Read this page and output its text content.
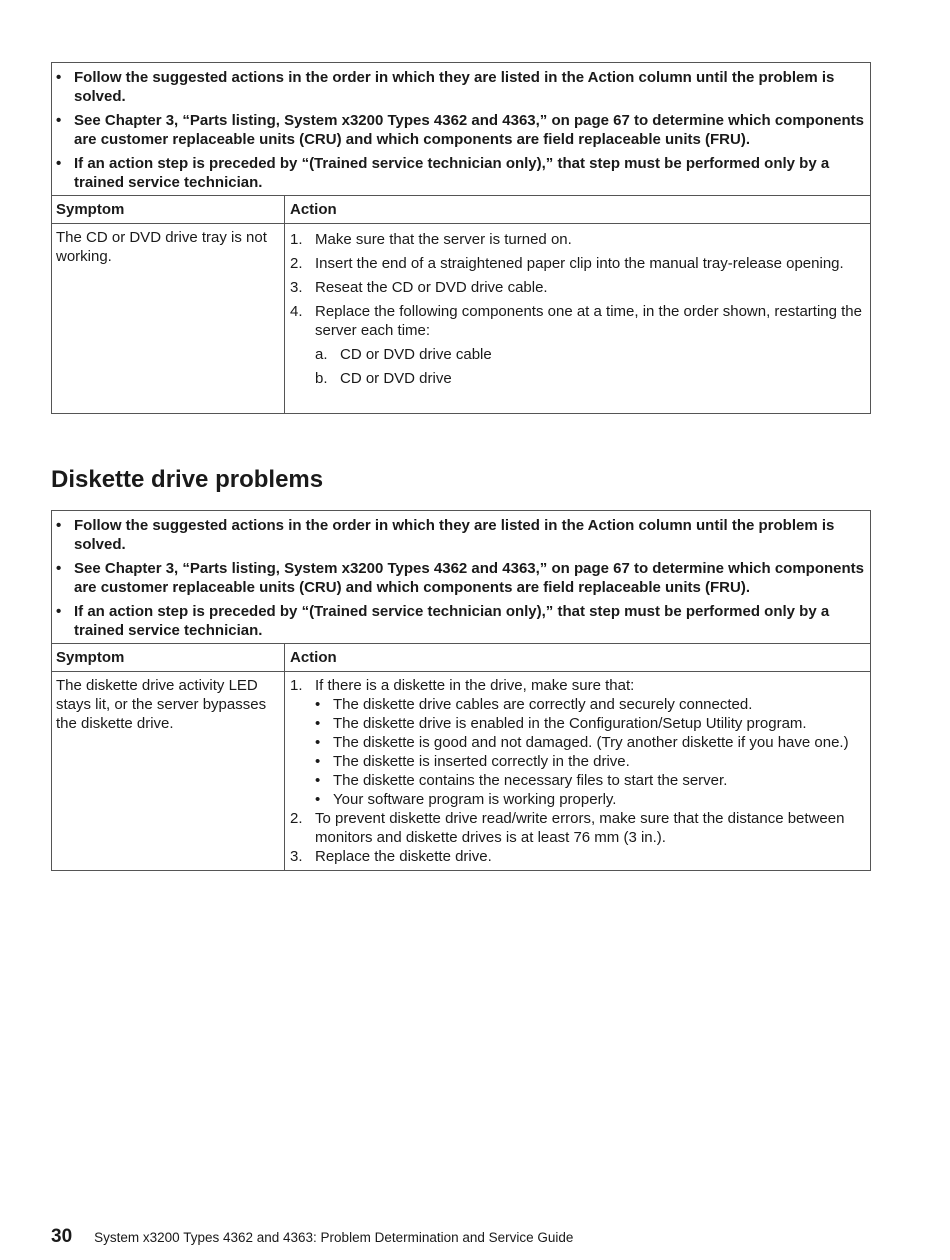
• Follow the suggested actions in the order in which they are listed in the Action column until the problem is solved.
• See Chapter 3, “Parts listing, System x3200 Types 4362 and 4363,” on page 67 to determine which components are customer replaceable units (CRU) and which components are field replaceable units (FRU).
• If an action step is preceded by “(Trained service technician only),” that step must be performed only by a trained service technician.
Symptom	Action
The CD or DVD drive tray is not working.
1. Make sure that the server is turned on.
2. Insert the end of a straightened paper clip into the manual tray-release opening.
3. Reseat the CD or DVD drive cable.
4. Replace the following components one at a time, in the order shown, restarting the server each time:
a. CD or DVD drive cable
b. CD or DVD drive
Diskette drive problems
• Follow the suggested actions in the order in which they are listed in the Action column until the problem is solved.
• See Chapter 3, “Parts listing, System x3200 Types 4362 and 4363,” on page 67 to determine which components are customer replaceable units (CRU) and which components are field replaceable units (FRU).
• If an action step is preceded by “(Trained service technician only),” that step must be performed only by a trained service technician.
Symptom	Action
The diskette drive activity LED stays lit, or the server bypasses the diskette drive.
1. If there is a diskette in the drive, make sure that:
• The diskette drive cables are correctly and securely connected.
• The diskette drive is enabled in the Configuration/Setup Utility program.
• The diskette is good and not damaged. (Try another diskette if you have one.)
• The diskette is inserted correctly in the drive.
• The diskette contains the necessary files to start the server.
• Your software program is working properly.
2. To prevent diskette drive read/write errors, make sure that the distance between monitors and diskette drives is at least 76 mm (3 in.).
3. Replace the diskette drive.
30 System x3200 Types 4362 and 4363: Problem Determination and Service Guide
